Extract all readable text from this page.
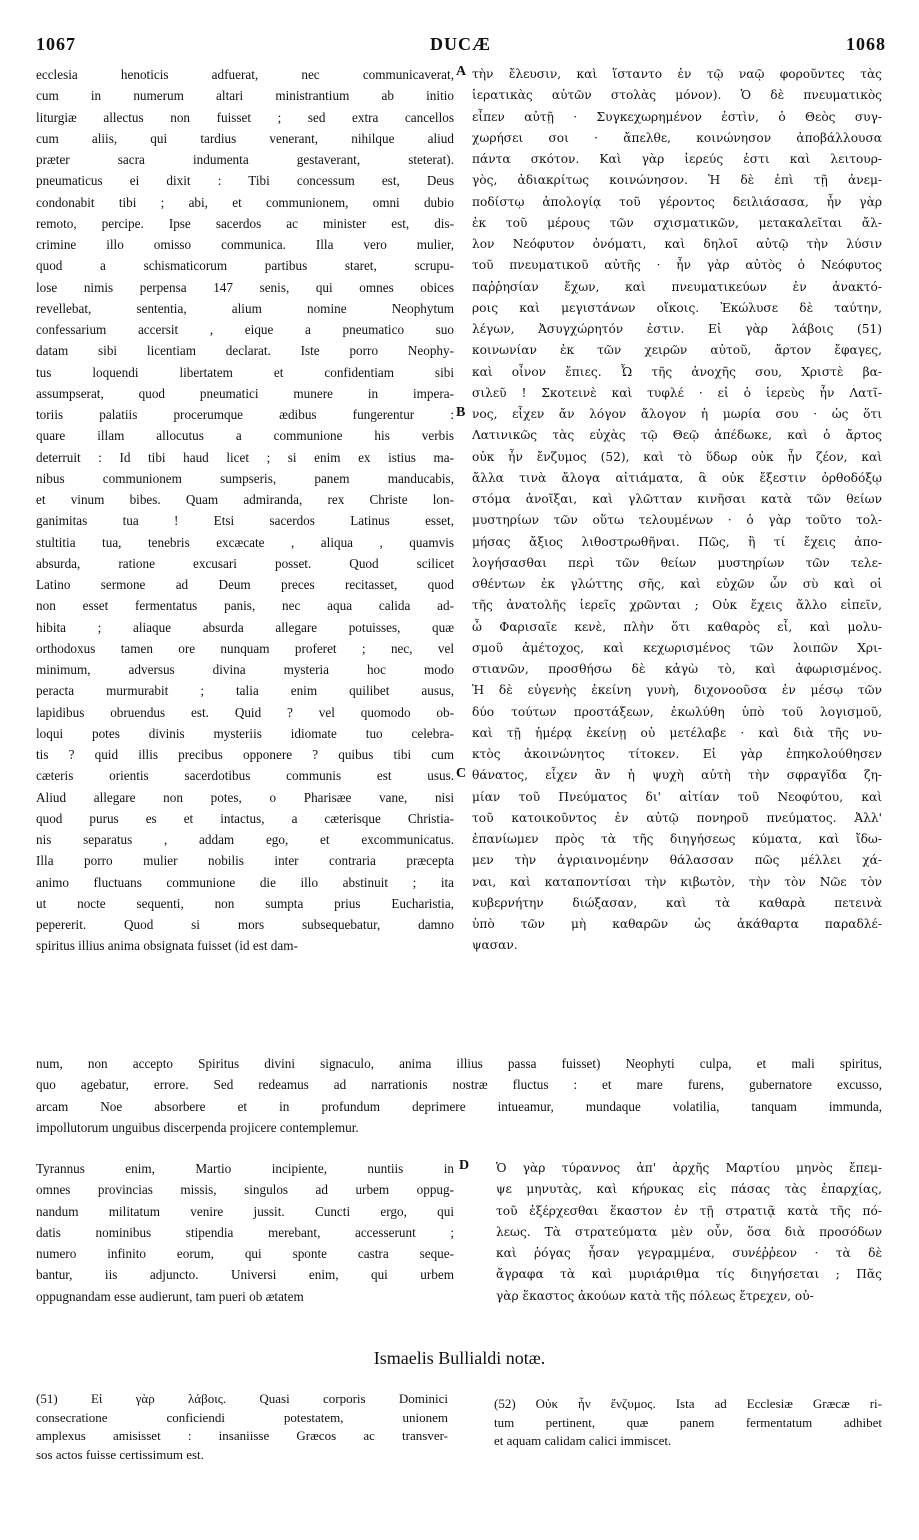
1067	DUCÆ	1068
ecclesia henoticis adfuerat, nec communicaverat,
cum in numerum altari ministrantium ab initio
liturgiæ allectus non fuisset ; sed extra cancellos
cum aliis, qui tardius venerant, nihilque aliud
præter sacra indumenta gestaverant, steterat).
pneumaticus ei dixit : Tibi concessum est, Deus
condonabit tibi ; abi, et communionem, omni dubio
remoto, percipe. Ipse sacerdos ac minister est, dis-
crimine illo omisso communica. Illa vero mulier,
quod a schismaticorum partibus staret, scrupu-
lose nimis perpensa 147 senis, qui omnes obices
revellebat, sententia, alium nomine Neophytum
confessarium accersit , eique a pneumatico suo
datam sibi licentiam declarat. Iste porro Neophy-
tus loquendi libertatem et confidentiam sibi
assumpserat, quod pneumatici munere in impera-
toriis palatiis procerumque ædibus fungerentur :
quare illam allocutus a communione his verbis
deterruit : Id tibi haud licet ; si enim ex istius ma-
nibus communionem sumpseris, panem manducabis,
et vinum bibes. Quam admiranda, rex Christe lon-
ganimitas tua ! Etsi sacerdos Latinus esset,
stultitia tua, tenebris excæcate , aliqua , quamvis
absurda, ratione excusari posset. Quod scilicet
Latino sermone ad Deum preces recitasset, quod
non esset fermentatus panis, nec aqua calida ad-
hibita ; aliaque absurda allegare potuisses, quæ
orthodoxus tamen ore nunquam proferet ; nec, vel
minimum, adversus divina mysteria hoc modo
peracta murmurabit ; talia enim quilibet ausus,
lapidibus obruendus est. Quid ? vel quomodo ob-
loqui potes divinis mysteriis idiomate tuo celebra-
tis ? quid illis precibus opponere ? quibus tibi cum
cæteris orientis sacerdotibus communis est usus.
Aliud allegare non potes, o Pharisæe vane, nisi
quod purus es et intactus, a cæterisque Christia-
nis separatus , addam ego, et excommunicatus.
Illa porro mulier nobilis inter contraria præcepta
animo fluctuans communione die illo abstinuit ; ita
ut nocte sequenti, non sumpta prius Eucharistia,
pepererit. Quod si mors subsequebatur, damno
spiritus illius anima obsignata fuisset (id est dam-
τὴν ἔλευσιν, καὶ ἵσταντο ἐν τῷ ναῷ φοροῦντες τὰς
ἱερατικὰς αὐτῶν στολὰς μόνον). Ὁ δὲ πνευματικὸς
εἶπεν αὐτῇ · Συγκεχωρημένον ἐστὶν, ὁ Θεὸς συγ-
χωρήσει σοι · ἄπελθε, κοινώνησον ἀποβάλλουσα
πάντα σκότον. Καὶ γὰρ ἱερεύς ἐστι καὶ λειτουρ-
γὸς, ἀδιακρίτως κοινώνησον. Ἡ δὲ ἐπὶ τῇ ἀνεμ-
ποδίστῳ ἀπολογίᾳ τοῦ γέροντος δειλιάσασα, ἦν γὰρ
ἐκ τοῦ μέρους τῶν σχισματικῶν, μετακαλεῖται ἄλ-
λον Νεόφυτον ὀνόματι, καὶ δηλοῖ αὐτῷ τὴν λύσιν
τοῦ πνευματικοῦ αὐτῆς · ἦν γὰρ αὐτὸς ὁ Νεόφυτος
παῤῥησίαν ἔχων, καὶ πνευματικεύων ἐν ἀνακτό-
ροις καὶ μεγιστάνων οἴκοις. Ἐκώλυσε δὲ ταύτην,
λέγων, Ἀσυγχώρητόν ἐστιν. Εἰ γὰρ λάβοις (51)
κοινωνίαν ἐκ τῶν χειρῶν αὐτοῦ, ἄρτον ἔφαγες,
καὶ οἶνον ἔπιες. Ὦ τῆς ἀνοχῆς σου, Χριστὲ βα-
σιλεῦ ! Σκοτεινὲ καὶ τυφλέ · εἰ ὁ ἱερεὺς ἦν Λατῖ-
νος, εἶχεν ἄν λόγον ἄλογον ἡ μωρία σου · ὡς ὅτι
Λατινικῶς τὰς εὐχὰς τῷ Θεῷ ἀπέδωκε, καὶ ὁ ἄρτος
οὐκ ἦν ἔνζυμος (52), καὶ τὸ ὕδωρ οὐκ ἦν ζέον, καὶ
ἄλλα τινὰ ἄλογα αἰτιάματα, ἃ οὐκ ἔξεστιν ὀρθοδόξῳ
στόμα ἀνοῖξαι, καὶ γλῶτταν κινῆσαι κατὰ τῶν θείων
μυστηρίων τῶν οὕτω τελουμένων · ὁ γὰρ τοῦτο τολ-
μήσας ἄξιος λιθοστρωθῆναι. Πῶς, ἢ τί ἔχεις ἀπο-
λογήσασθαι περὶ τῶν θείων μυστηρίων τῶν τελε-
σθέντων ἐκ γλώττης σῆς, καὶ εὐχῶν ὧν σὺ καὶ οἱ
τῆς ἀνατολῆς ἱερεῖς χρῶνται ; Οὐκ ἔχεις ἄλλο εἰπεῖν,
ὦ Φαρισαῖε κενὲ, πλὴν ὅτι καθαρὸς εἶ, καὶ μολυ-
σμοῦ ἀμέτοχος, καὶ κεχωρισμένος τῶν λοιπῶν Χρι-
στιανῶν, προσθήσω δὲ κἀγὼ τὸ, καὶ ἀφωρισμένος.
Ἡ δὲ εὐγενὴς ἐκείνη γυνὴ, διχονοοῦσα ἐν μέσῳ τῶν
δύο τούτων προστάξεων, ἐκωλύθη ὑπὸ τοῦ λογισμοῦ,
καὶ τῇ ἡμέρᾳ ἐκείνῃ οὐ μετέλαβε · καὶ διὰ τῆς νυ-
κτὸς ἀκοινώνητος τίτοκεν. Εἰ γὰρ ἐπηκολούθησεν
θάνατος, εἶχεν ἂν ἡ ψυχὴ αὐτὴ τὴν σφραγῖδα ζη-
μίαν τοῦ Πνεύματος δι' αἰτίαν τοῦ Νεοφύτου, καὶ
τοῦ κατοικοῦντος ἐν αὐτῷ πονηροῦ πνεύματος. Ἀλλ'
ἐπανίωμεν πρὸς τὰ τῆς διηγήσεως κύματα, καὶ ἴδω-
μεν τὴν ἀγριαινομένην θάλασσαν πῶς μέλλει χά-
ναι, καὶ καταποντίσαι τὴν κιβωτὸν, τὴν τὸν Νῶε τὸν
κυβερνήτην διώξασαν, καὶ τὰ καθαρὰ πετεινὰ
ὑπὸ τῶν μὴ καθαρῶν ὡς ἀκάθαρτα παραδλέ-
ψασαν.
A
B
C
D
num, non accepto Spiritus divini signaculo, anima illius passa fuisset) Neophyti culpa, et mali spiritus,
quo agebatur, errore. Sed redeamus ad narrationis nostræ fluctus : et mare furens, gubernatore excusso,
arcam Noe absorbere et in profundum deprimere intueamur, mundaque volatilia, tanquam immunda,
impollutorum unguibus discerpenda projicere contemplemur.
Tyrannus enim, Martio incipiente, nuntiis in
omnes provincias missis, singulos ad urbem oppug-
nandum militatum venire jussit. Cuncti ergo, qui
datis nominibus stipendia merebant, accesserunt ;
numero infinito eorum, qui sponte castra seque-
bantur, iis adjuncto. Universi enim, qui urbem
oppugnandam esse audierunt, tam pueri ob ætatem
Ὁ γὰρ τύραννος ἀπ' ἀρχῆς Μαρτίου μηνὸς ἔπεμ-
ψε μηνυτὰς, καὶ κήρυκας εἰς πάσας τὰς ἐπαρχίας,
τοῦ ἐξέρχεσθαι ἕκαστον ἐν τῇ στρατιᾷ κατὰ τῆς πό-
λεως. Τὰ στρατεύματα μὲν οὖν, ὅσα διὰ προσόδων
καὶ ῥόγας ἦσαν γεγραμμένα, συνέῤῥεον · τὰ δὲ
ἄγραφα τὰ καὶ μυριάριθμα τίς διηγήσεται ; Πᾶς
γὰρ ἕκαστος ἀκούων κατὰ τῆς πόλεως ἔτρεχεν, οὐ-
Ismaelis Bullialdi notæ.
(51) Εἰ γὰρ λάβοις. Quasi corporis Dominici
consecratione conficiendi potestatem, unionem
amplexus amisisset : insaniisse Græcos ac transver-
sos actos fuisse certissimum est.
(52) Οὐκ ἦν ἔνζυμος. Ista ad Ecclesiæ Græcæ ri-
tum pertinent, quæ panem fermentatum adhibet
et aquam calidam calici immiscet.
